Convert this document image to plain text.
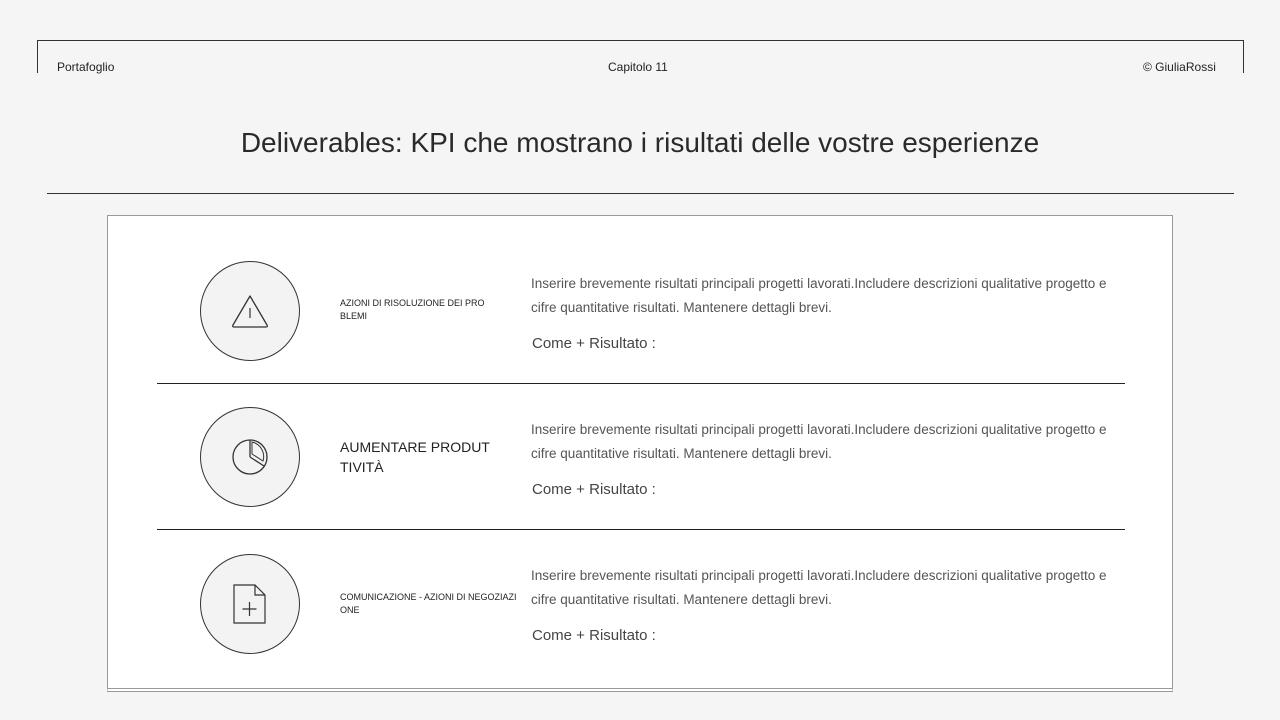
Portafoglio	Capitolo 11	© GiuliaRossi
Deliverables: KPI che mostrano i risultati delle vostre esperienze
AZIONI DI RISOLUZIONE DEI PRO
BLEMI
Inserire brevemente risultati principali progetti lavorati.Includere descrizioni qualitative progetto e cifre quantitative risultati. Mantenere dettagli brevi.
Come + Risultato :
AUMENTARE PRODUT
TIVITÀ
Inserire brevemente risultati principali progetti lavorati.Includere descrizioni qualitative progetto e cifre quantitative risultati. Mantenere dettagli brevi.
Come + Risultato :
COMUNICAZIONE - AZIONI DI NEGOZIAZI
ONE
Inserire brevemente risultati principali progetti lavorati.Includere descrizioni qualitative progetto e cifre quantitative risultati. Mantenere dettagli brevi.
Come + Risultato :
